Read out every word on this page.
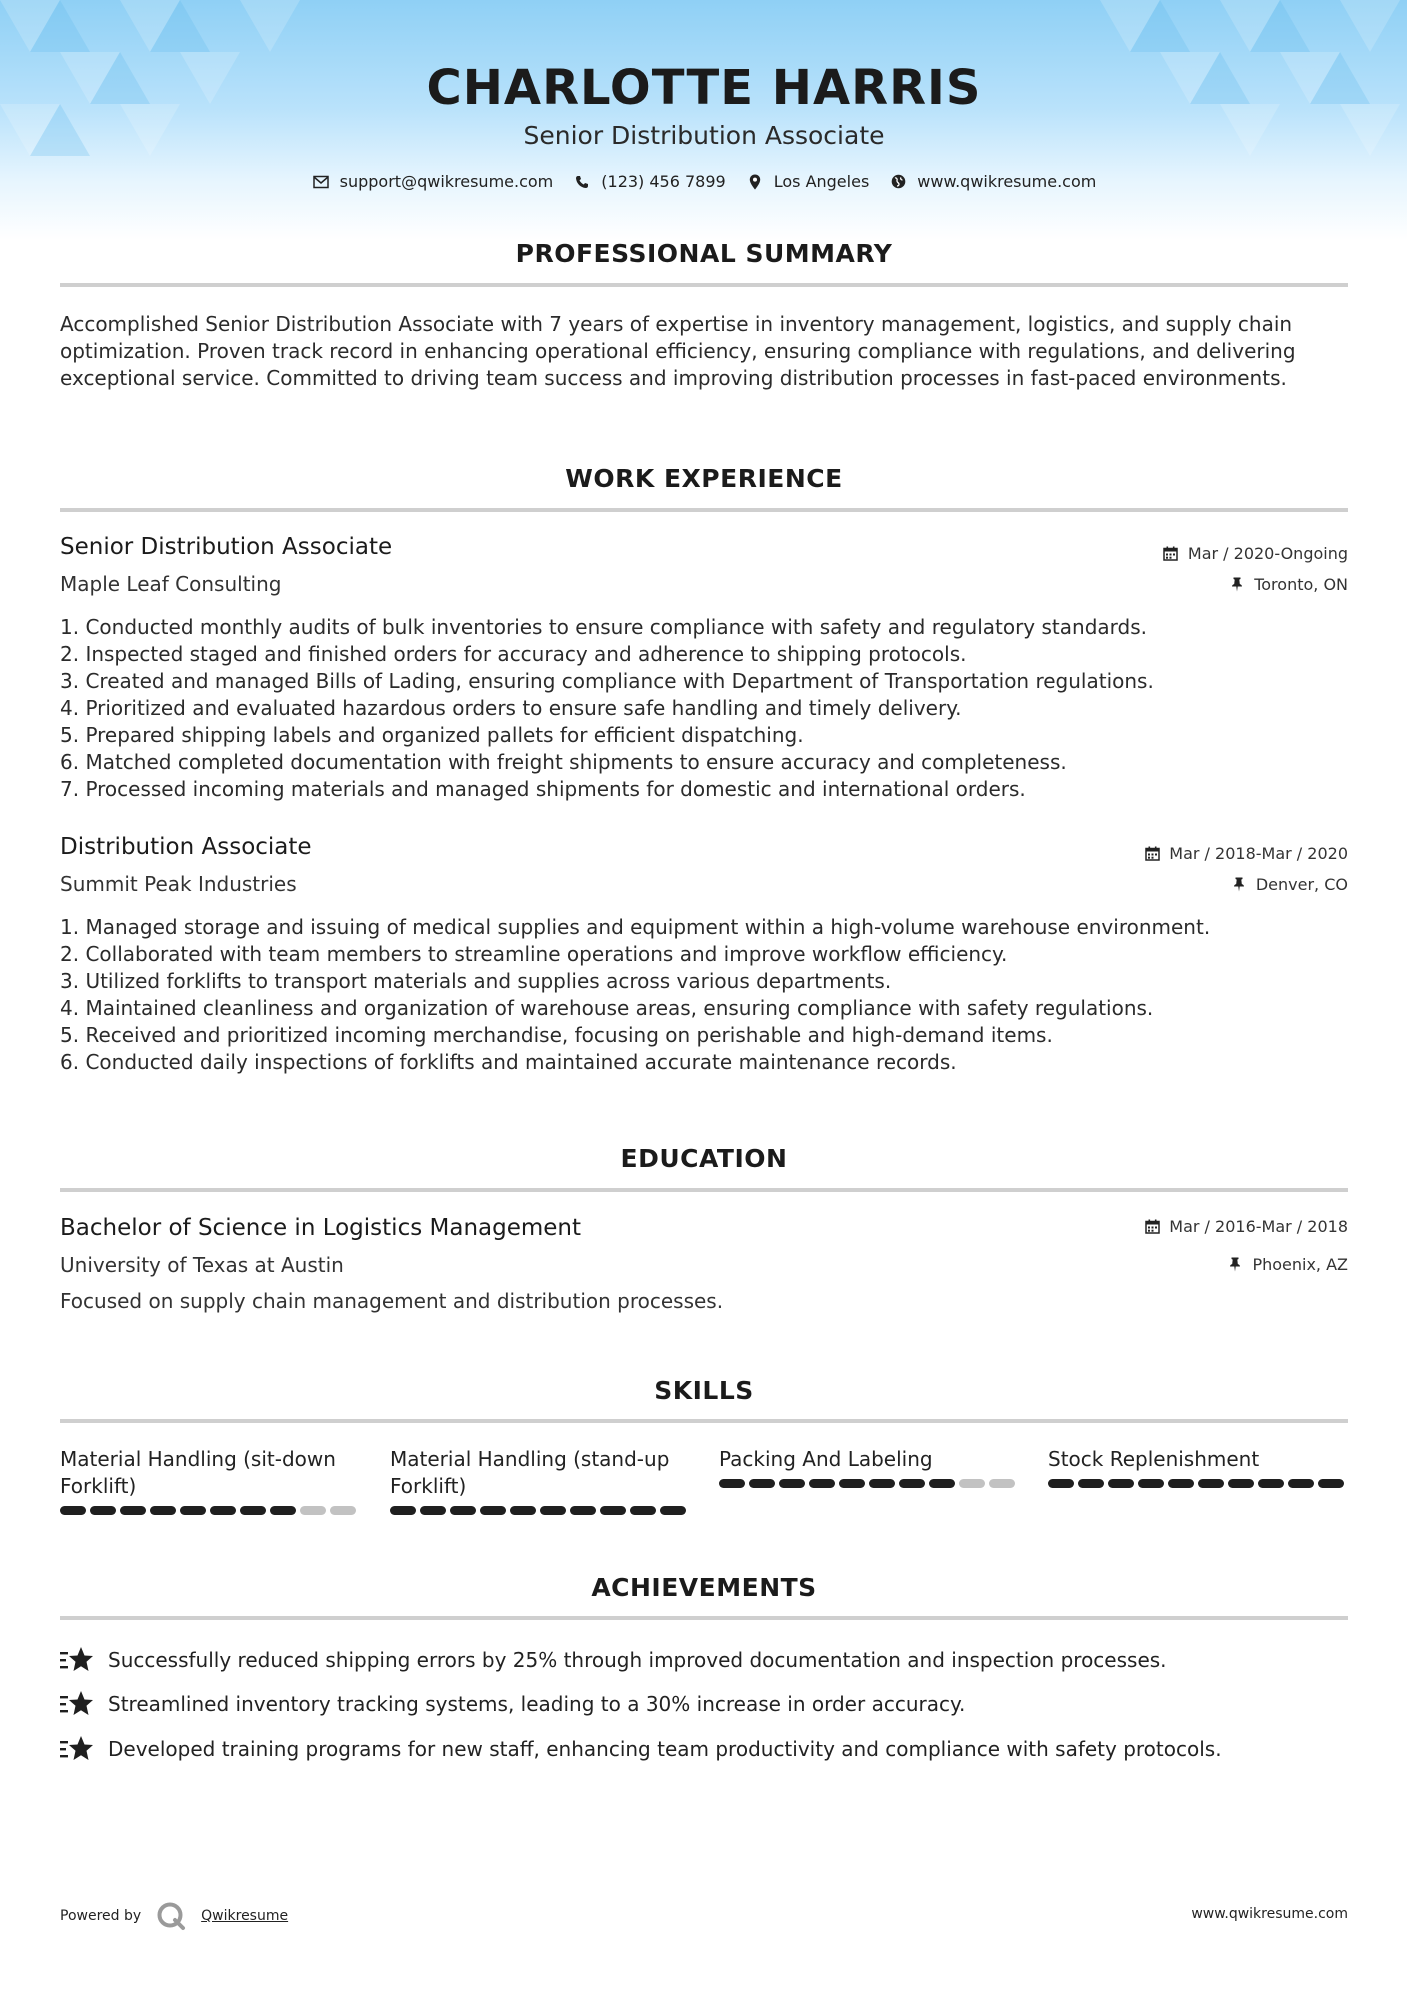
CHARLOTTE HARRIS
Senior Distribution Associate
support@qwikresume.com	(123) 456 7899	Los Angeles	www.qwikresume.com
PROFESSIONAL SUMMARY
Accomplished Senior Distribution Associate with 7 years of expertise in inventory management, logistics, and supply chain optimization. Proven track record in enhancing operational efficiency, ensuring compliance with regulations, and delivering exceptional service. Committed to driving team success and improving distribution processes in fast-paced environments.
WORK EXPERIENCE
Senior Distribution Associate	Mar / 2020-Ongoing
Maple Leaf Consulting	Toronto, ON
1. Conducted monthly audits of bulk inventories to ensure compliance with safety and regulatory standards.
2. Inspected staged and finished orders for accuracy and adherence to shipping protocols.
3. Created and managed Bills of Lading, ensuring compliance with Department of Transportation regulations.
4. Prioritized and evaluated hazardous orders to ensure safe handling and timely delivery.
5. Prepared shipping labels and organized pallets for efficient dispatching.
6. Matched completed documentation with freight shipments to ensure accuracy and completeness.
7. Processed incoming materials and managed shipments for domestic and international orders.
Distribution Associate	Mar / 2018-Mar / 2020
Summit Peak Industries	Denver, CO
1. Managed storage and issuing of medical supplies and equipment within a high-volume warehouse environment.
2. Collaborated with team members to streamline operations and improve workflow efficiency.
3. Utilized forklifts to transport materials and supplies across various departments.
4. Maintained cleanliness and organization of warehouse areas, ensuring compliance with safety regulations.
5. Received and prioritized incoming merchandise, focusing on perishable and high-demand items.
6. Conducted daily inspections of forklifts and maintained accurate maintenance records.
EDUCATION
Bachelor of Science in Logistics Management	Mar / 2016-Mar / 2018
University of Texas at Austin	Phoenix, AZ
Focused on supply chain management and distribution processes.
SKILLS
Material Handling (sit-down Forklift)
Material Handling (stand-up Forklift)
Packing And Labeling	Stock Replenishment
ACHIEVEMENTS
Successfully reduced shipping errors by 25% through improved documentation and inspection processes.
Streamlined inventory tracking systems, leading to a 30% increase in order accuracy.
Developed training programs for new staff, enhancing team productivity and compliance with safety protocols.
Powered by	Qwikresume	www.qwikresume.com
